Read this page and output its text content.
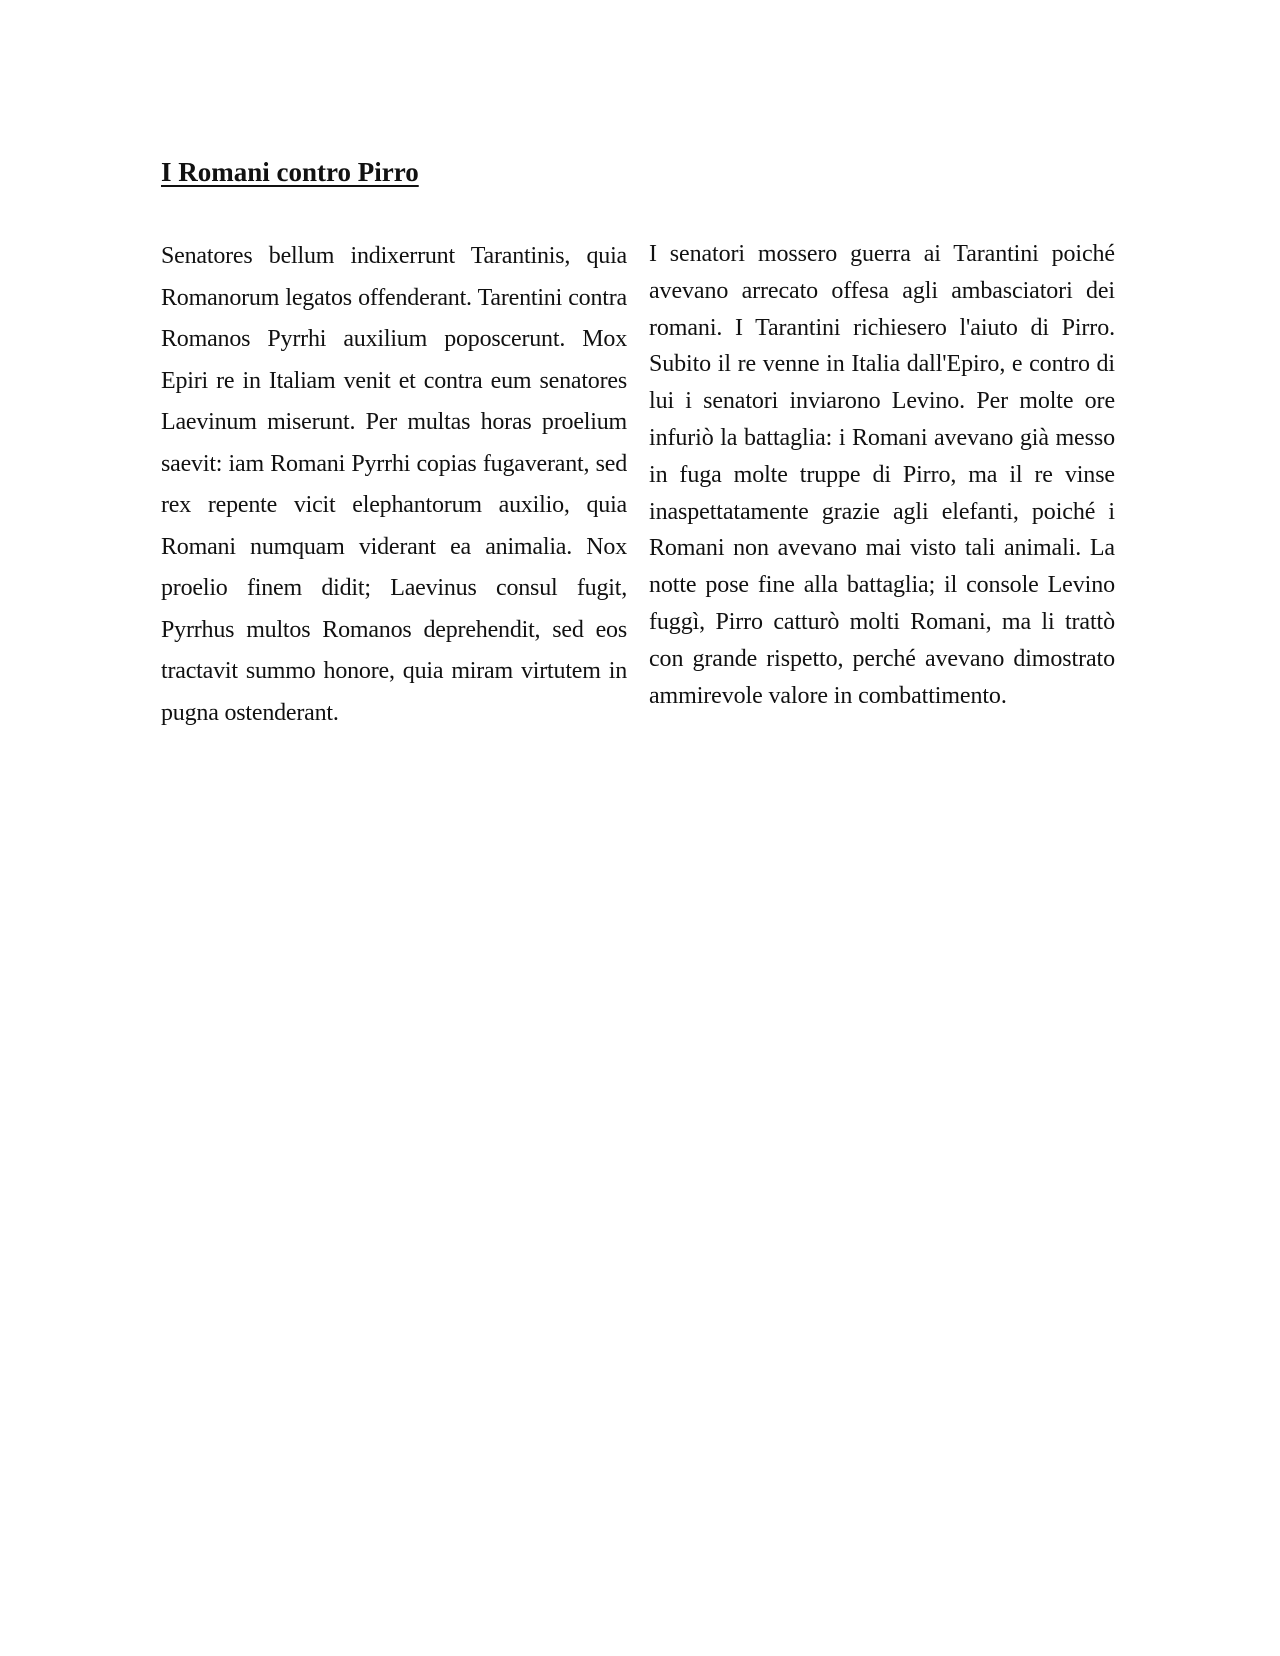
I Romani contro Pirro

Senatores bellum indixerrunt Tarantinis, quia Romanorum legatos offenderant. Tarentini contra Romanos Pyrrhi auxilium poposcerunt. Mox Epiri re in Italiam venit et contra eum senatores Laevinum miserunt. Per multas horas proelium saevit: iam Romani Pyrrhi copias fugaverant, sed rex repente vicit elephantorum auxilio, quia Romani numquam viderant ea animalia. Nox proelio finem didit; Laevinus consul fugit, Pyrrhus multos Romanos deprehendit, sed eos tractavit summo honore, quia miram virtutem in pugna ostenderant.

I senatori mossero guerra ai Tarantini poiché avevano arrecato offesa agli ambasciatori dei romani. I Tarantini richiesero l'aiuto di Pirro. Subito il re venne in Italia dall'Epiro, e contro di lui i senatori inviarono Levino. Per molte ore infuriò la battaglia: i Romani avevano già messo in fuga molte truppe di Pirro, ma il re vinse inaspettatamente grazie agli elefanti, poiché i Romani non avevano mai visto tali animali. La notte pose fine alla battaglia; il console Levino fuggì, Pirro catturò molti Romani, ma li trattò con grande rispetto, perché avevano dimostrato ammirevole valore in combattimento.
